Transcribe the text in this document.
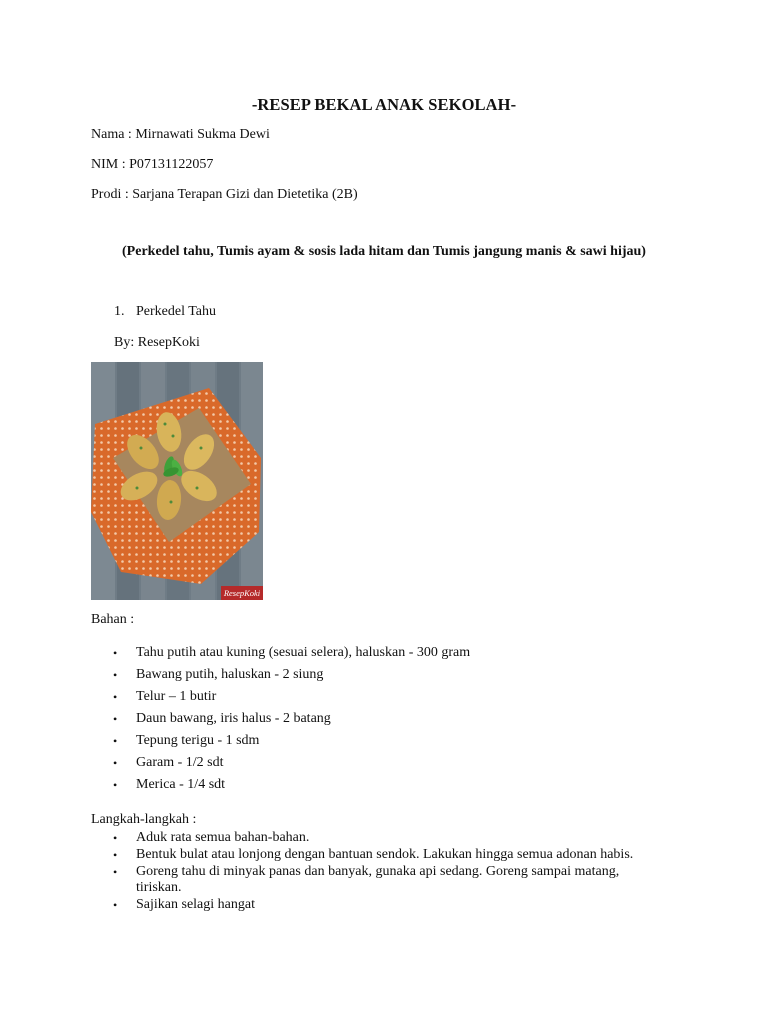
-RESEP BEKAL ANAK SEKOLAH-
Nama : Mirnawati Sukma Dewi
NIM : P07131122057
Prodi : Sarjana Terapan Gizi dan Dietetika (2B)
(Perkedel tahu, Tumis ayam & sosis lada hitam dan Tumis jangung manis & sawi hijau)
1. Perkedel Tahu
By: ResepKoki
ResepKoki
Bahan :
• Tahu putih atau kuning (sesuai selera), haluskan - 300 gram
• Bawang putih, haluskan - 2 siung
• Telur – 1 butir
• Daun bawang, iris halus - 2 batang
• Tepung terigu - 1 sdm
• Garam - 1/2 sdt
• Merica - 1/4 sdt
Langkah-langkah :
• Aduk rata semua bahan-bahan.
• Bentuk bulat atau lonjong dengan bantuan sendok. Lakukan hingga semua adonan habis.
• Goreng tahu di minyak panas dan banyak, gunaka api sedang. Goreng sampai matang, tiriskan.
• Sajikan selagi hangat
